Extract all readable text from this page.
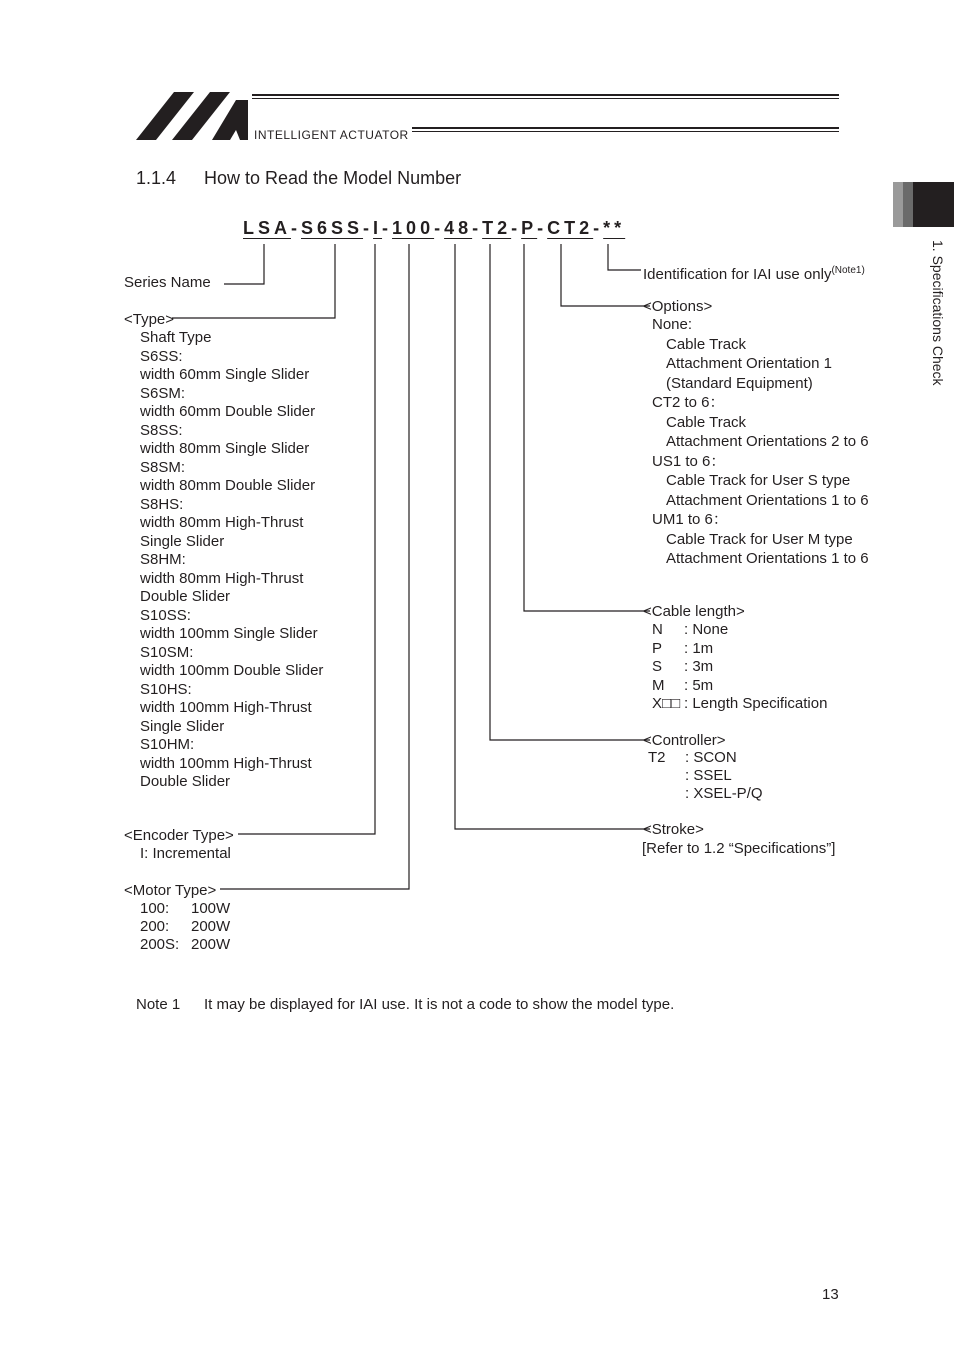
INTELLIGENT ACTUATOR
1.1.4 How to Read the Model Number
1. Specifications Check
LSA-S6SS-I-100-48-T2-P-CT2-**
Series Name
<Type>
Shaft Type
S6SS:
width 60mm Single Slider
S6SM:
width 60mm Double Slider
S8SS:
width 80mm Single Slider
S8SM:
width 80mm Double Slider
S8HS:
width 80mm High-Thrust
Single Slider
S8HM:
width 80mm High-Thrust
Double Slider
S10SS:
width 100mm Single Slider
S10SM:
width 100mm Double Slider
S10HS:
width 100mm High-Thrust
Single Slider
S10HM:
width 100mm High-Thrust
Double Slider
<Encoder Type>
I: Incremental
<Motor Type>
100: 100W
200: 200W
200S: 200W
Identification for IAI use only$^{(Note1)}$
<Options>
None:
Cable Track
Attachment Orientation 1
(Standard Equipment)
CT2 to 6：
Cable Track
Attachment Orientations 2 to 6
US1 to 6：
Cable Track for User S type
Attachment Orientations 1 to 6
UM1 to 6：
Cable Track for User M type
Attachment Orientations 1 to 6
<Cable length>
N : None
P : 1m
S : 3m
M : 5m
X□□ : Length Specification
<Controller>
T2 : SCON
: SSEL
: XSEL-P/Q
<Stroke>
[Refer to 1.2 “Specifications”]
Note 1 It may be displayed for IAI use. It is not a code to show the model type.
13
